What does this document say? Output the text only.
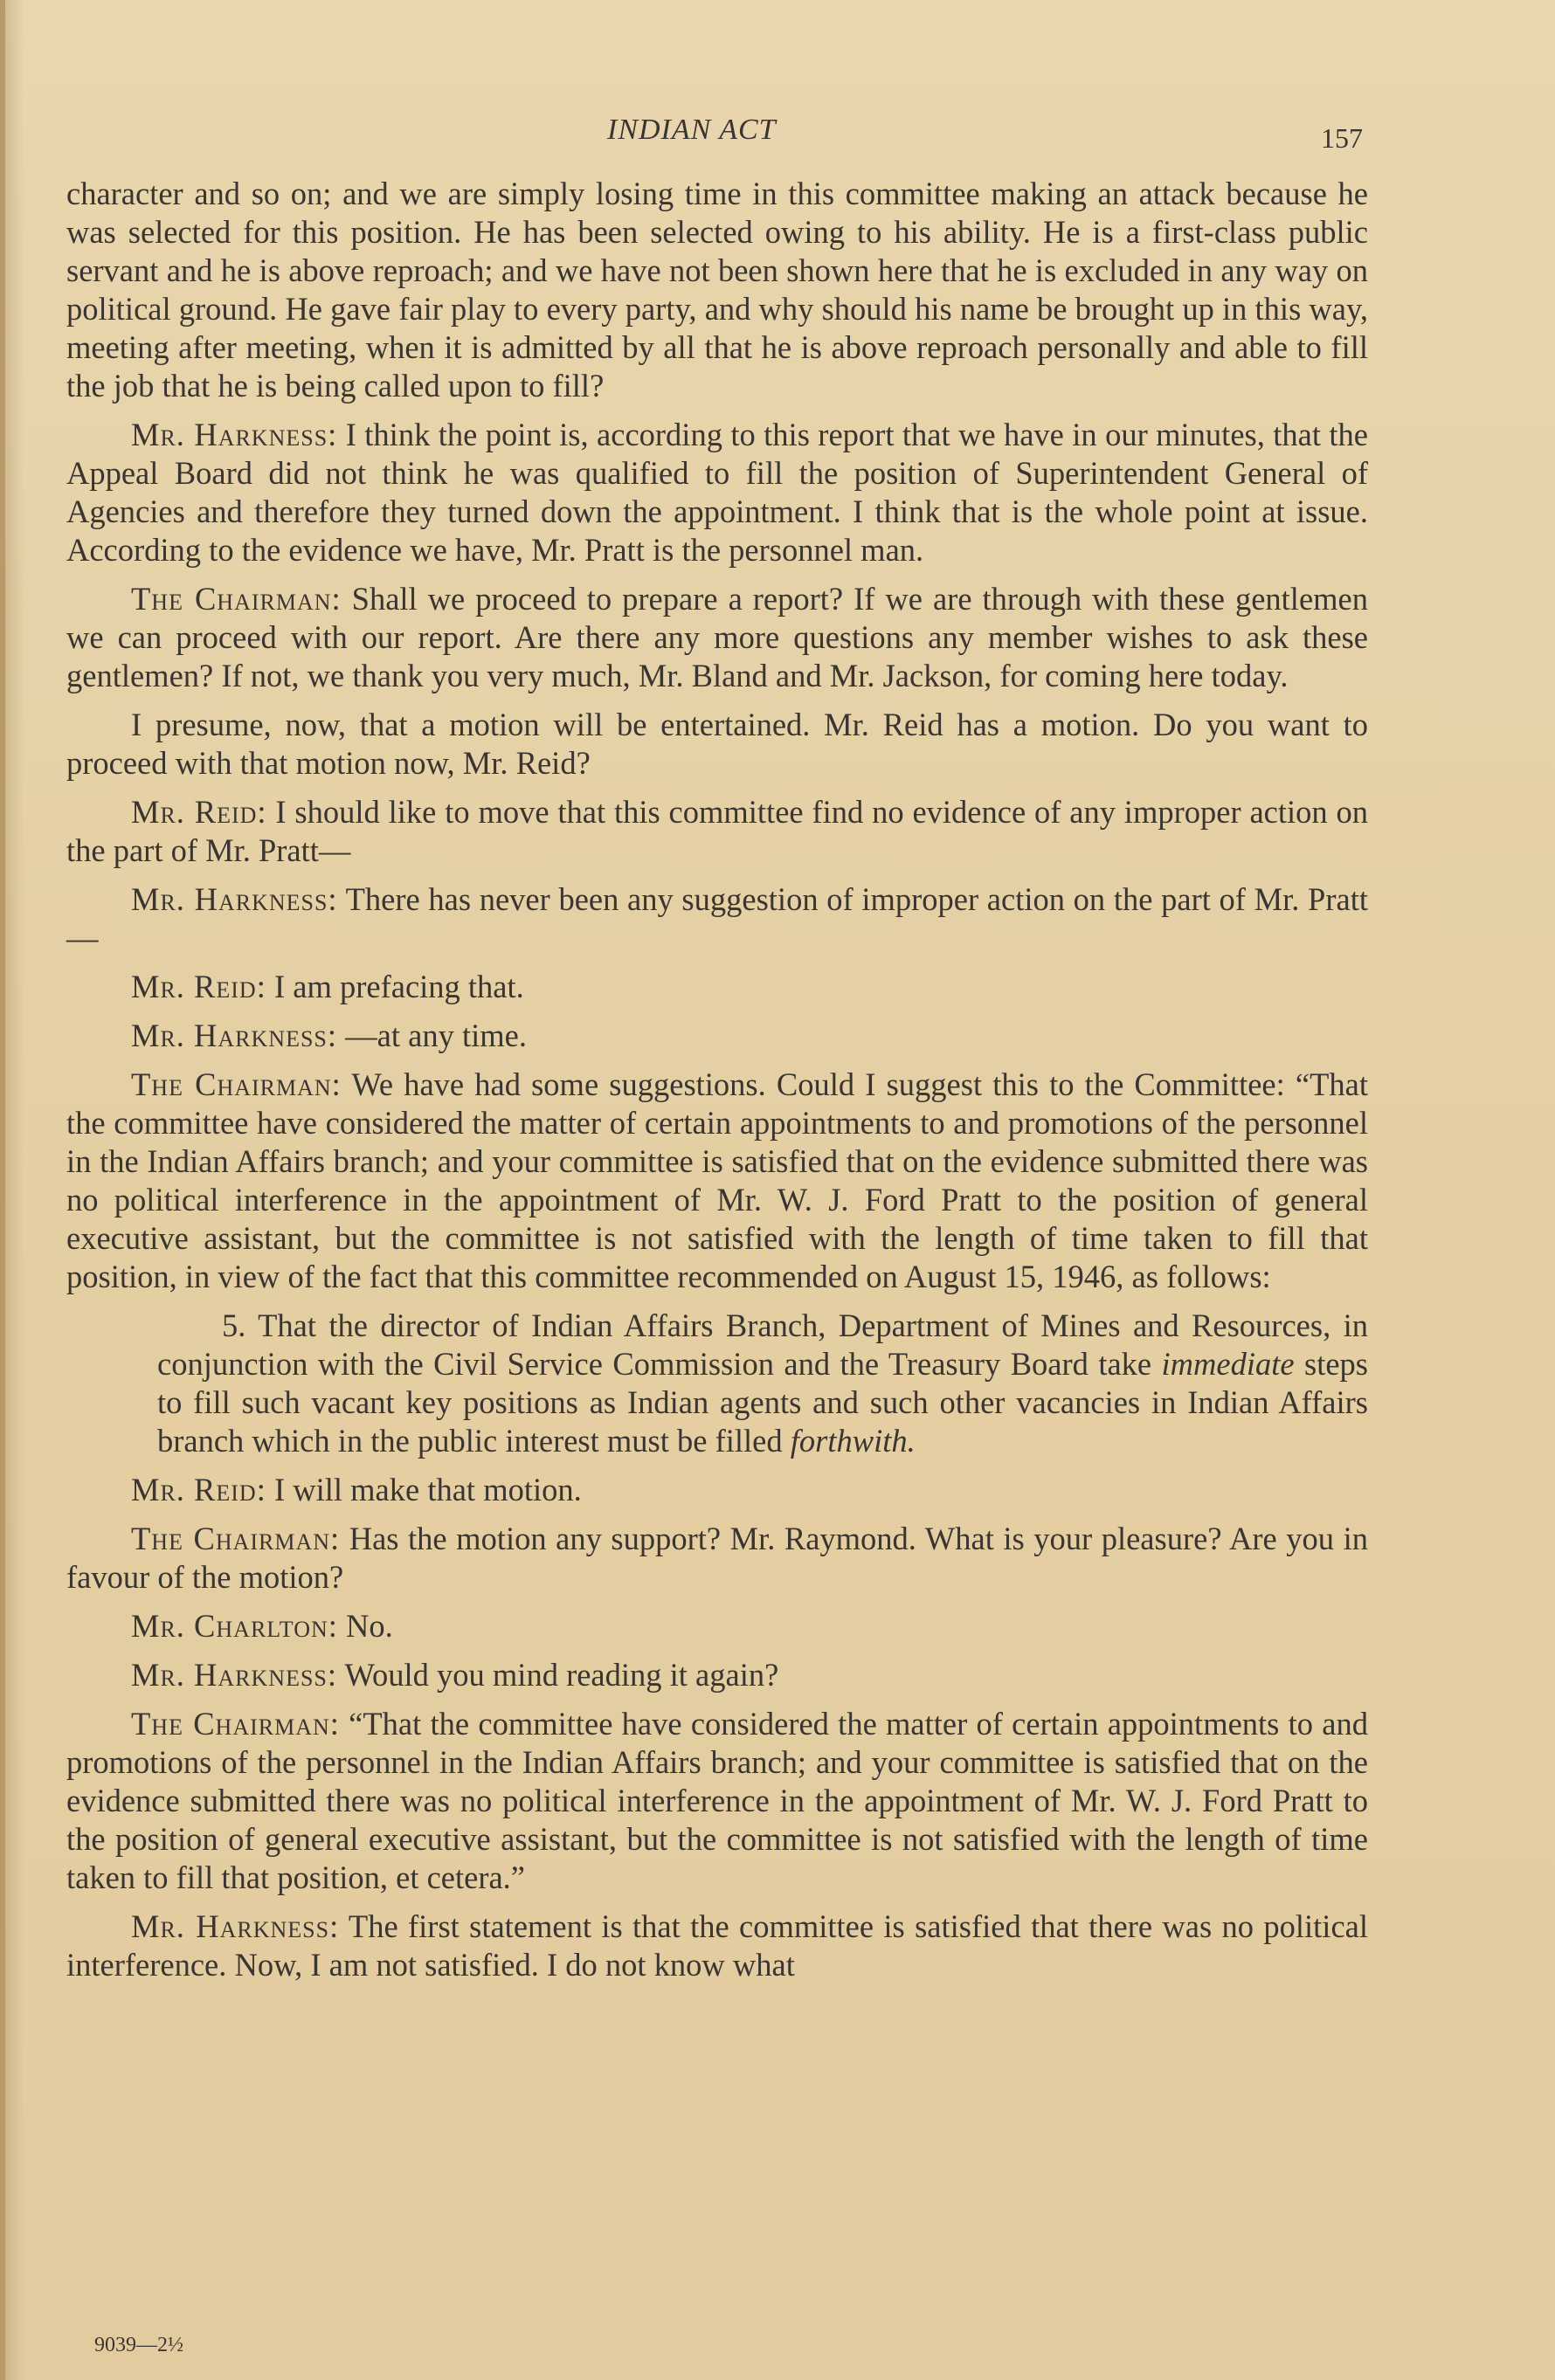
INDIAN ACT	157

character and so on; and we are simply losing time in this committee making an attack because he was selected for this position. He has been selected owing to his ability. He is a first-class public servant and he is above reproach; and we have not been shown here that he is excluded in any way on political ground. He gave fair play to every party, and why should his name be brought up in this way, meeting after meeting, when it is admitted by all that he is above reproach personally and able to fill the job that he is being called upon to fill?

Mr. Harkness: I think the point is, according to this report that we have in our minutes, that the Appeal Board did not think he was qualified to fill the position of Superintendent General of Agencies and therefore they turned down the appointment. I think that is the whole point at issue. According to the evidence we have, Mr. Pratt is the personnel man.

The Chairman: Shall we proceed to prepare a report? If we are through with these gentlemen we can proceed with our report. Are there any more questions any member wishes to ask these gentlemen? If not, we thank you very much, Mr. Bland and Mr. Jackson, for coming here today.

I presume, now, that a motion will be entertained. Mr. Reid has a motion. Do you want to proceed with that motion now, Mr. Reid?

Mr. Reid: I should like to move that this committee find no evidence of any improper action on the part of Mr. Pratt—

Mr. Harkness: There has never been any suggestion of improper action on the part of Mr. Pratt—

Mr. Reid: I am prefacing that.

Mr. Harkness: —at any time.

The Chairman: We have had some suggestions. Could I suggest this to the Committee: “That the committee have considered the matter of certain appointments to and promotions of the personnel in the Indian Affairs branch; and your committee is satisfied that on the evidence submitted there was no political interference in the appointment of Mr. W. J. Ford Pratt to the position of general executive assistant, but the committee is not satisfied with the length of time taken to fill that position, in view of the fact that this committee recommended on August 15, 1946, as follows:

5. That the director of Indian Affairs Branch, Department of Mines and Resources, in conjunction with the Civil Service Commission and the Treasury Board take immediate steps to fill such vacant key positions as Indian agents and such other vacancies in Indian Affairs branch which in the public interest must be filled forthwith.

Mr. Reid: I will make that motion.

The Chairman: Has the motion any support? Mr. Raymond. What is your pleasure? Are you in favour of the motion?

Mr. Charlton: No.

Mr. Harkness: Would you mind reading it again?

The Chairman: “That the committee have considered the matter of certain appointments to and promotions of the personnel in the Indian Affairs branch; and your committee is satisfied that on the evidence submitted there was no political interference in the appointment of Mr. W. J. Ford Pratt to the position of general executive assistant, but the committee is not satisfied with the length of time taken to fill that position, et cetera.”

Mr. Harkness: The first statement is that the committee is satisfied that there was no political interference. Now, I am not satisfied. I do not know what

9039—2½
